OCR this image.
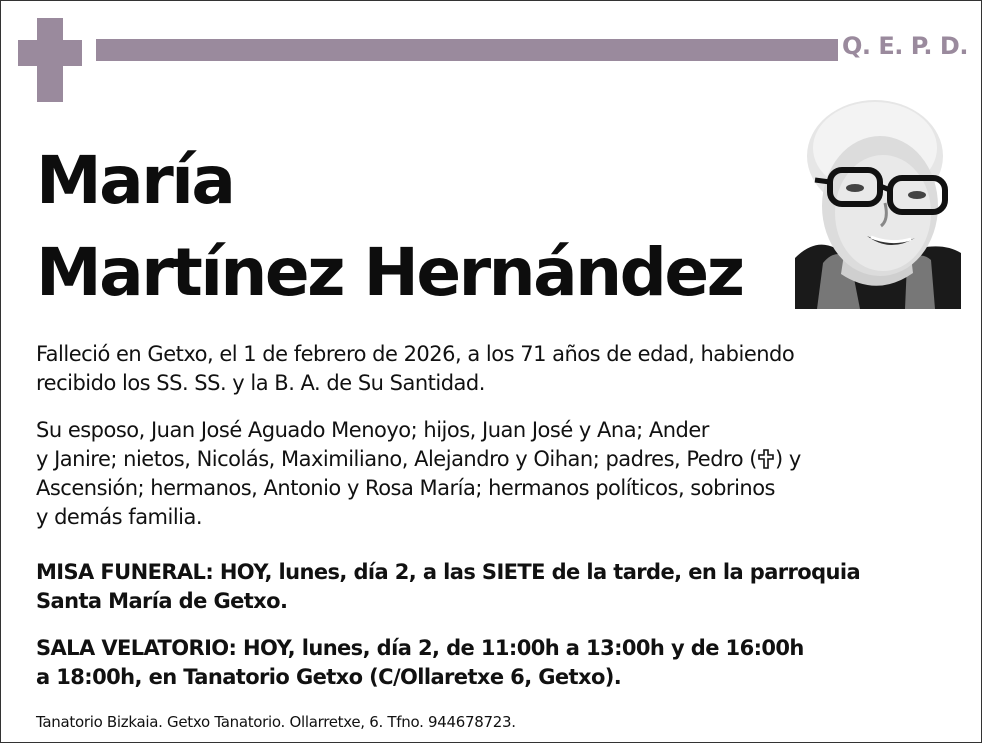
Q. E. P. D.
María
Martínez Hernández
Falleció en Getxo, el 1 de febrero de 2026, a los 71 años de edad, habiendo
recibido los SS. SS. y la B. A. de Su Santidad.
Su esposo, Juan José Aguado Menoyo; hijos, Juan José y Ana; Ander
y Janire; nietos, Nicolás, Maximiliano, Alejandro y Oihan; padres, Pedro ( ) y
Ascensión; hermanos, Antonio y Rosa María; hermanos políticos, sobrinos
y demás familia.
MISA FUNERAL: HOY, lunes, día 2, a las SIETE de la tarde, en la parroquia
Santa María de Getxo.
SALA VELATORIO: HOY, lunes, día 2, de 11:00h a 13:00h y de 16:00h
a 18:00h, en Tanatorio Getxo (C/Ollaretxe 6, Getxo).
Tanatorio Bizkaia. Getxo Tanatorio. Ollarretxe, 6. Tfno. 944678723.
